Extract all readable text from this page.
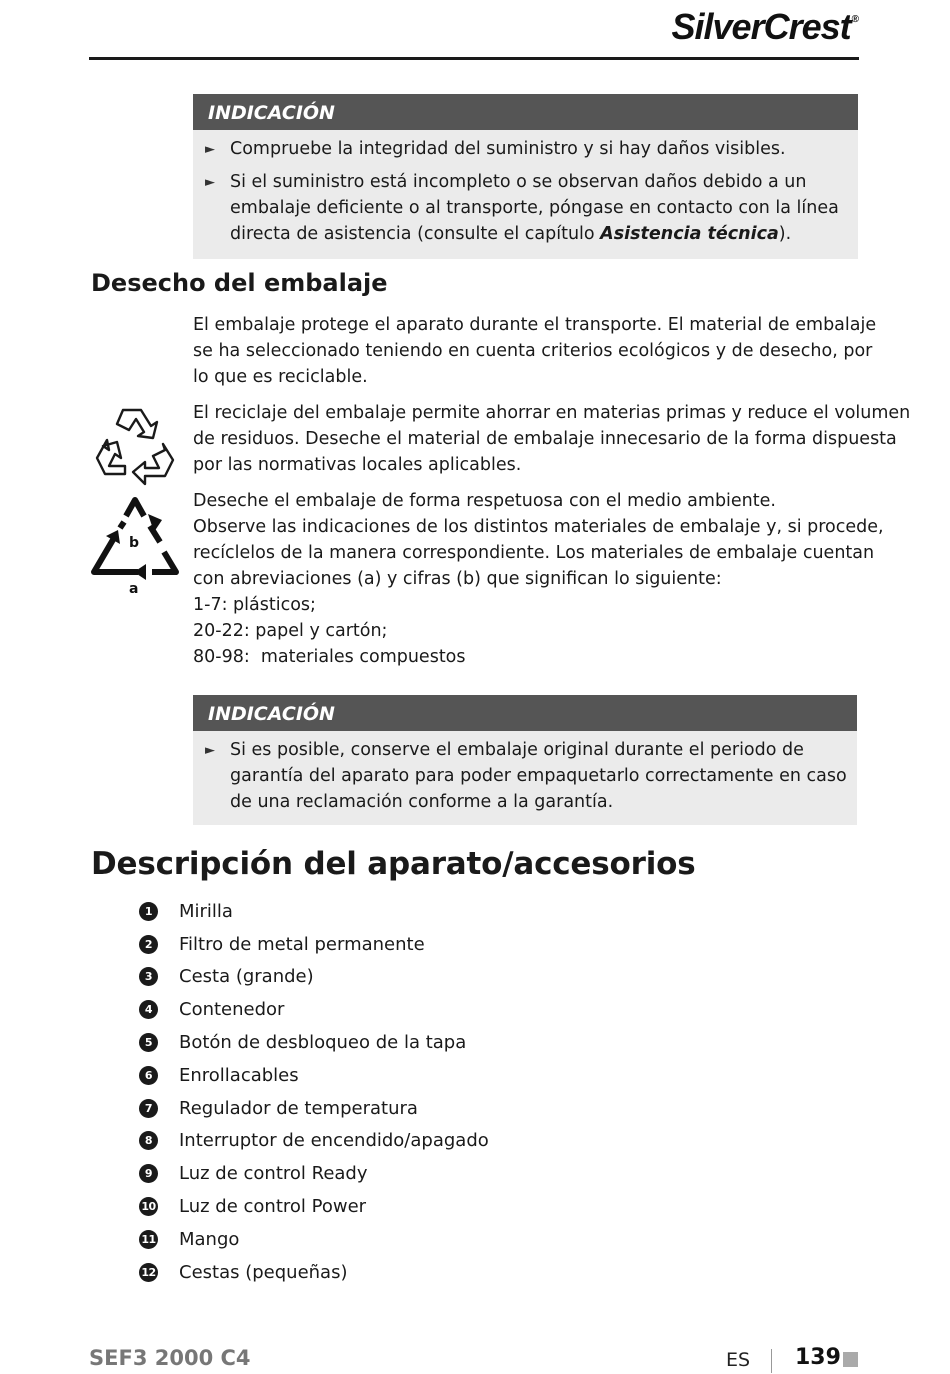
SilverCrest®
INDICACIÓN
► Compruebe la integridad del suministro y si hay daños visibles.
► Si el suministro está incompleto o se observan daños debido a un embalaje deficiente o al transporte, póngase en contacto con la línea directa de asistencia (consulte el capítulo Asistencia técnica).
Desecho del embalaje
El embalaje protege el aparato durante el transporte. El material de embalaje
se ha seleccionado teniendo en cuenta criterios ecológicos y de desecho, por
lo que es reciclable.
El reciclaje del embalaje permite ahorrar en materias primas y reduce el volumen
de residuos. Deseche el material de embalaje innecesario de la forma dispuesta
por las normativas locales aplicables.
b
a
Deseche el embalaje de forma respetuosa con el medio ambiente.
Observe las indicaciones de los distintos materiales de embalaje y, si procede,
recíclelos de la manera correspondiente. Los materiales de embalaje cuentan
con abreviaciones (a) y cifras (b) que significan lo siguiente:
1-7: plásticos;
20-22: papel y cartón;
80-98:  materiales compuestos
INDICACIÓN
► Si es posible, conserve el embalaje original durante el periodo de garantía del aparato para poder empaquetarlo correctamente en caso de una reclamación conforme a la garantía.
Descripción del aparato/accesorios
1	Mirilla
2	Filtro de metal permanente
3	Cesta (grande)
4	Contenedor
5	Botón de desbloqueo de la tapa
6	Enrollacables
7	Regulador de temperatura
8	Interruptor de encendido/apagado
9	Luz de control Ready
10 Luz de control Power
11 Mango
12 Cestas (pequeñas)
SEF3 2000 C4	ES 139
